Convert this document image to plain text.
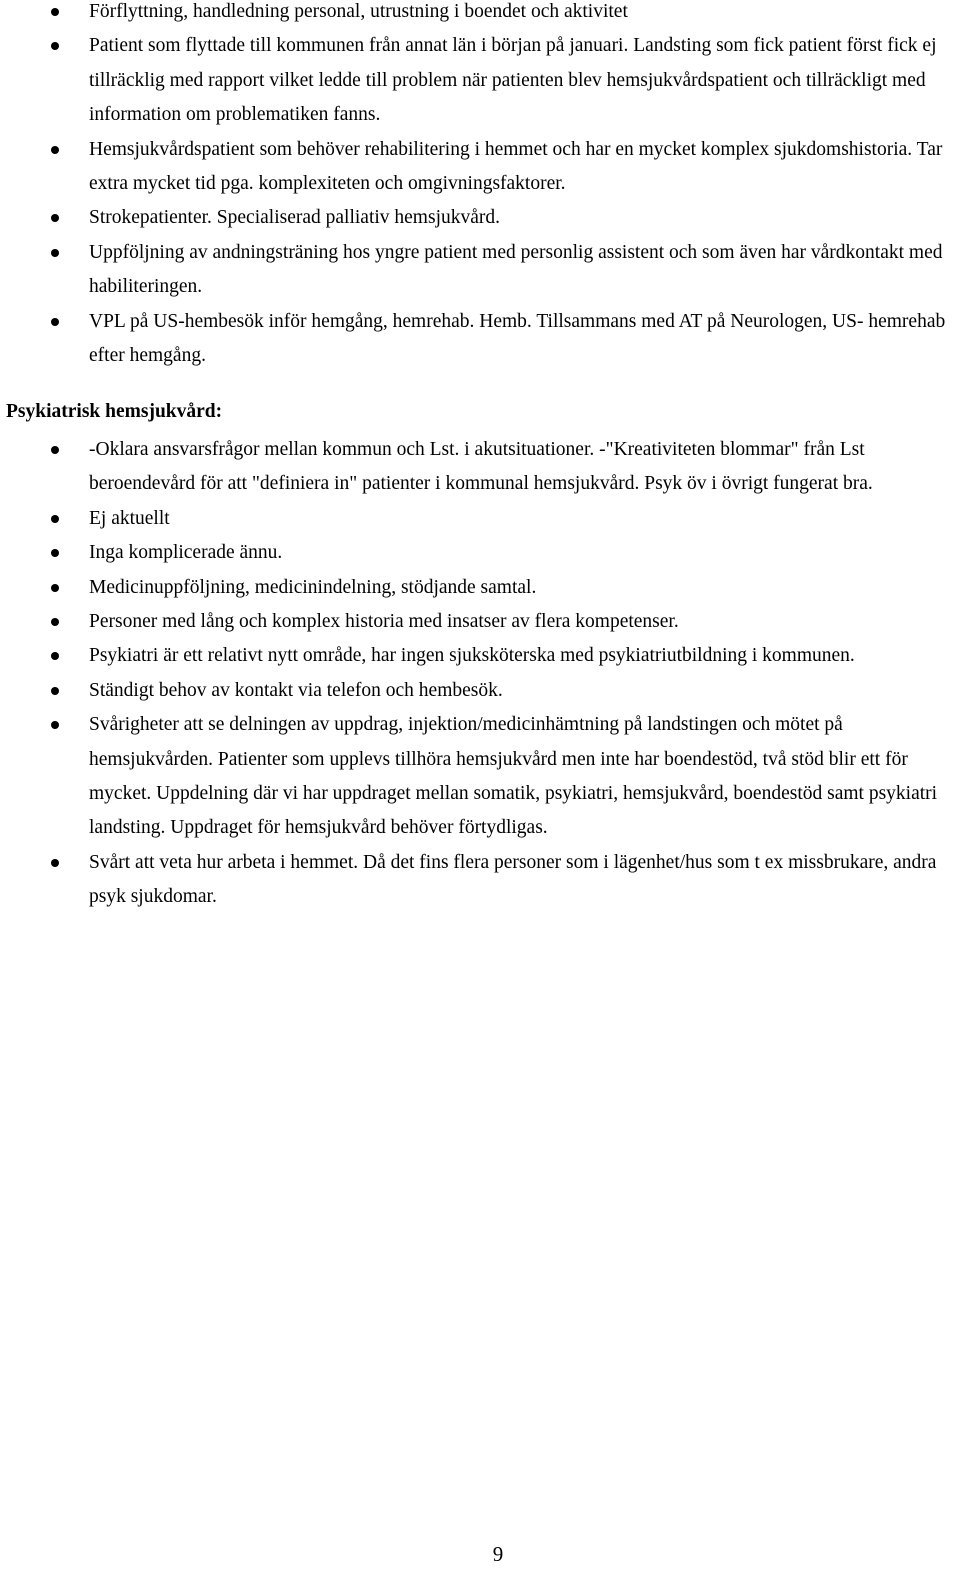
Förflyttning, handledning personal, utrustning i boendet och aktivitet
Patient som flyttade till kommunen från annat län i början på januari. Landsting som fick patient först fick ej tillräcklig med rapport vilket ledde till problem när patienten blev hemsjukvårdspatient och tillräckligt med information om problematiken fanns.
Hemsjukvårdspatient som behöver rehabilitering i hemmet och har en mycket komplex sjukdomshistoria. Tar extra mycket tid pga. komplexiteten och omgivningsfaktorer.
Strokepatienter. Specialiserad palliativ hemsjukvård.
Uppföljning av andningsträning hos yngre patient med personlig assistent och som även har vårdkontakt med habiliteringen.
VPL på US-hembesök inför hemgång, hemrehab. Hemb. Tillsammans med AT på Neurologen, US- hemrehab efter hemgång.
Psykiatrisk hemsjukvård:
-Oklara ansvarsfrågor mellan kommun och Lst. i akutsituationer. -"Kreativiteten blommar" från Lst beroendevård för att "definiera in" patienter i kommunal hemsjukvård. Psyk öv i övrigt fungerat bra.
Ej aktuellt
Inga komplicerade ännu.
Medicinuppföljning, medicinindelning, stödjande samtal.
Personer med lång och komplex historia med insatser av flera kompetenser.
Psykiatri är ett relativt nytt område, har ingen sjuksköterska med psykiatriutbildning i kommunen.
Ständigt behov av kontakt via telefon och hembesök.
Svårigheter att se delningen av uppdrag, injektion/medicinhämtning på landstingen och mötet på hemsjukvården. Patienter som upplevs tillhöra hemsjukvård men inte har boendestöd, två stöd blir ett för mycket. Uppdelning där vi har uppdraget mellan somatik, psykiatri, hemsjukvård, boendestöd samt psykiatri landsting. Uppdraget för hemsjukvård behöver förtydligas.
Svårt att veta hur arbeta i hemmet. Då det fins flera personer som i lägenhet/hus som t ex missbrukare, andra psyk sjukdomar.
9
